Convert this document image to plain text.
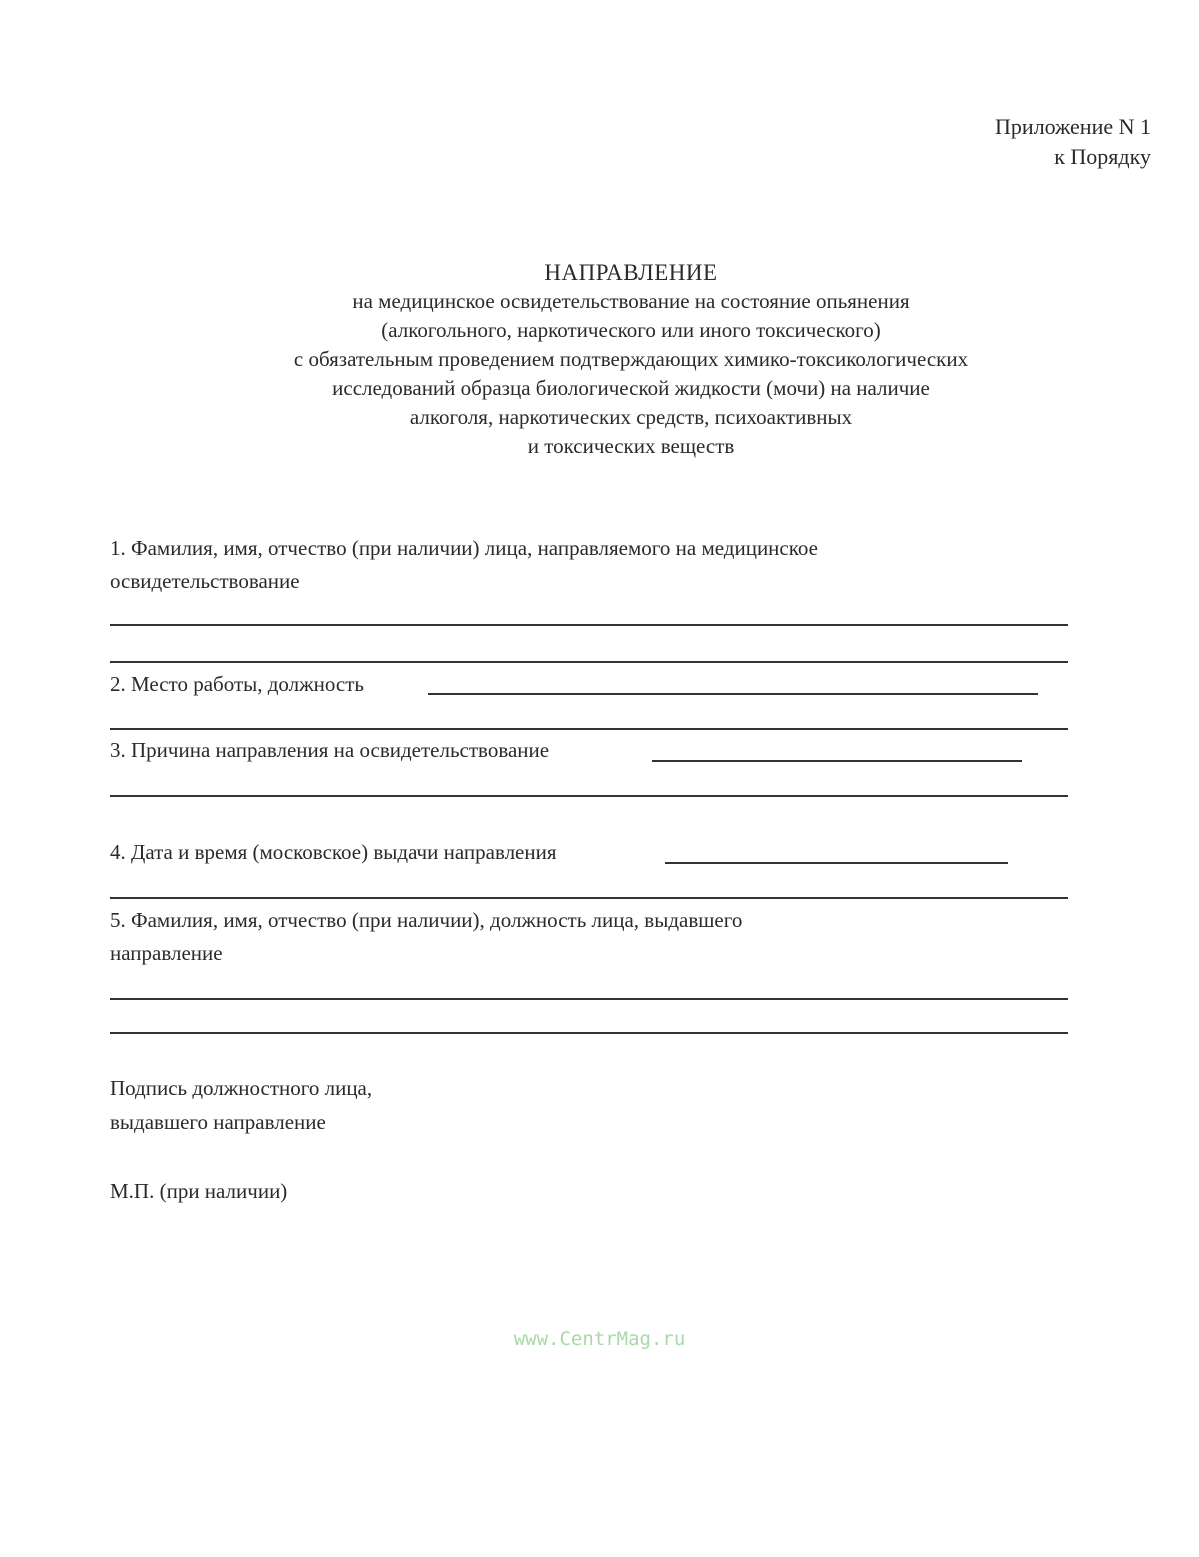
Приложение N 1
к Порядку
НАПРАВЛЕНИЕ
на медицинское освидетельствование на состояние опьянения
(алкогольного, наркотического или иного токсического)
с обязательным проведением подтверждающих химико-токсикологических
исследований образца биологической жидкости (мочи) на наличие
алкоголя, наркотических средств, психоактивных
и токсических веществ
1. Фамилия, имя, отчество (при наличии) лица, направляемого на медицинское
освидетельствование
2. Место работы, должность
3. Причина направления на освидетельствование
4. Дата и время (московское) выдачи направления
5. Фамилия, имя, отчество (при наличии), должность лица, выдавшего
направление
Подпись должностного лица,
выдавшего направление
М.П. (при наличии)
www.CentrMag.ru
